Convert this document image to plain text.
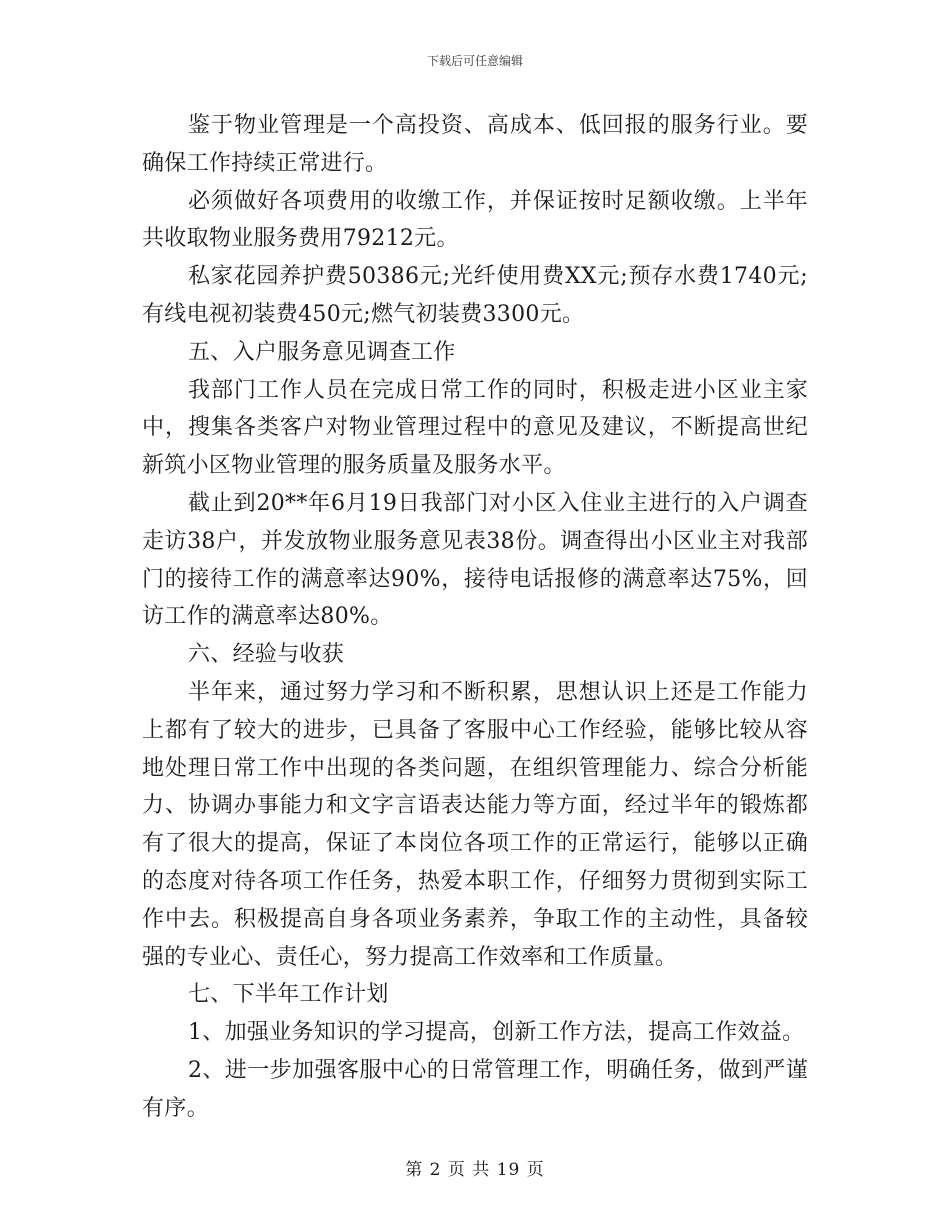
下载后可任意编辑

鉴于物业管理是一个高投资、高成本、低回报的服务行业。要确保工作持续正常进行。

必须做好各项费用的收缴工作，并保证按时足额收缴。上半年共收取物业服务费用79212元。

私家花园养护费50386元;光纤使用费XX元;预存水费1740元;有线电视初装费450元;燃气初装费3300元。

五、入户服务意见调查工作

我部门工作人员在完成日常工作的同时，积极走进小区业主家中，搜集各类客户对物业管理过程中的意见及建议，不断提高世纪新筑小区物业管理的服务质量及服务水平。

截止到20**年6月19日我部门对小区入住业主进行的入户调查走访38户，并发放物业服务意见表38份。调查得出小区业主对我部门的接待工作的满意率达90%，接待电话报修的满意率达75%，回访工作的满意率达80%。

六、经验与收获

半年来，通过努力学习和不断积累，思想认识上还是工作能力上都有了较大的进步，已具备了客服中心工作经验，能够比较从容地处理日常工作中出现的各类问题，在组织管理能力、综合分析能力、协调办事能力和文字言语表达能力等方面，经过半年的锻炼都有了很大的提高，保证了本岗位各项工作的正常运行，能够以正确的态度对待各项工作任务，热爱本职工作，仔细努力贯彻到实际工作中去。积极提高自身各项业务素养，争取工作的主动性，具备较强的专业心、责任心，努力提高工作效率和工作质量。

七、下半年工作计划

1、加强业务知识的学习提高，创新工作方法，提高工作效益。

2、进一步加强客服中心的日常管理工作，明确任务，做到严谨有序。

第 2 页 共 19 页
